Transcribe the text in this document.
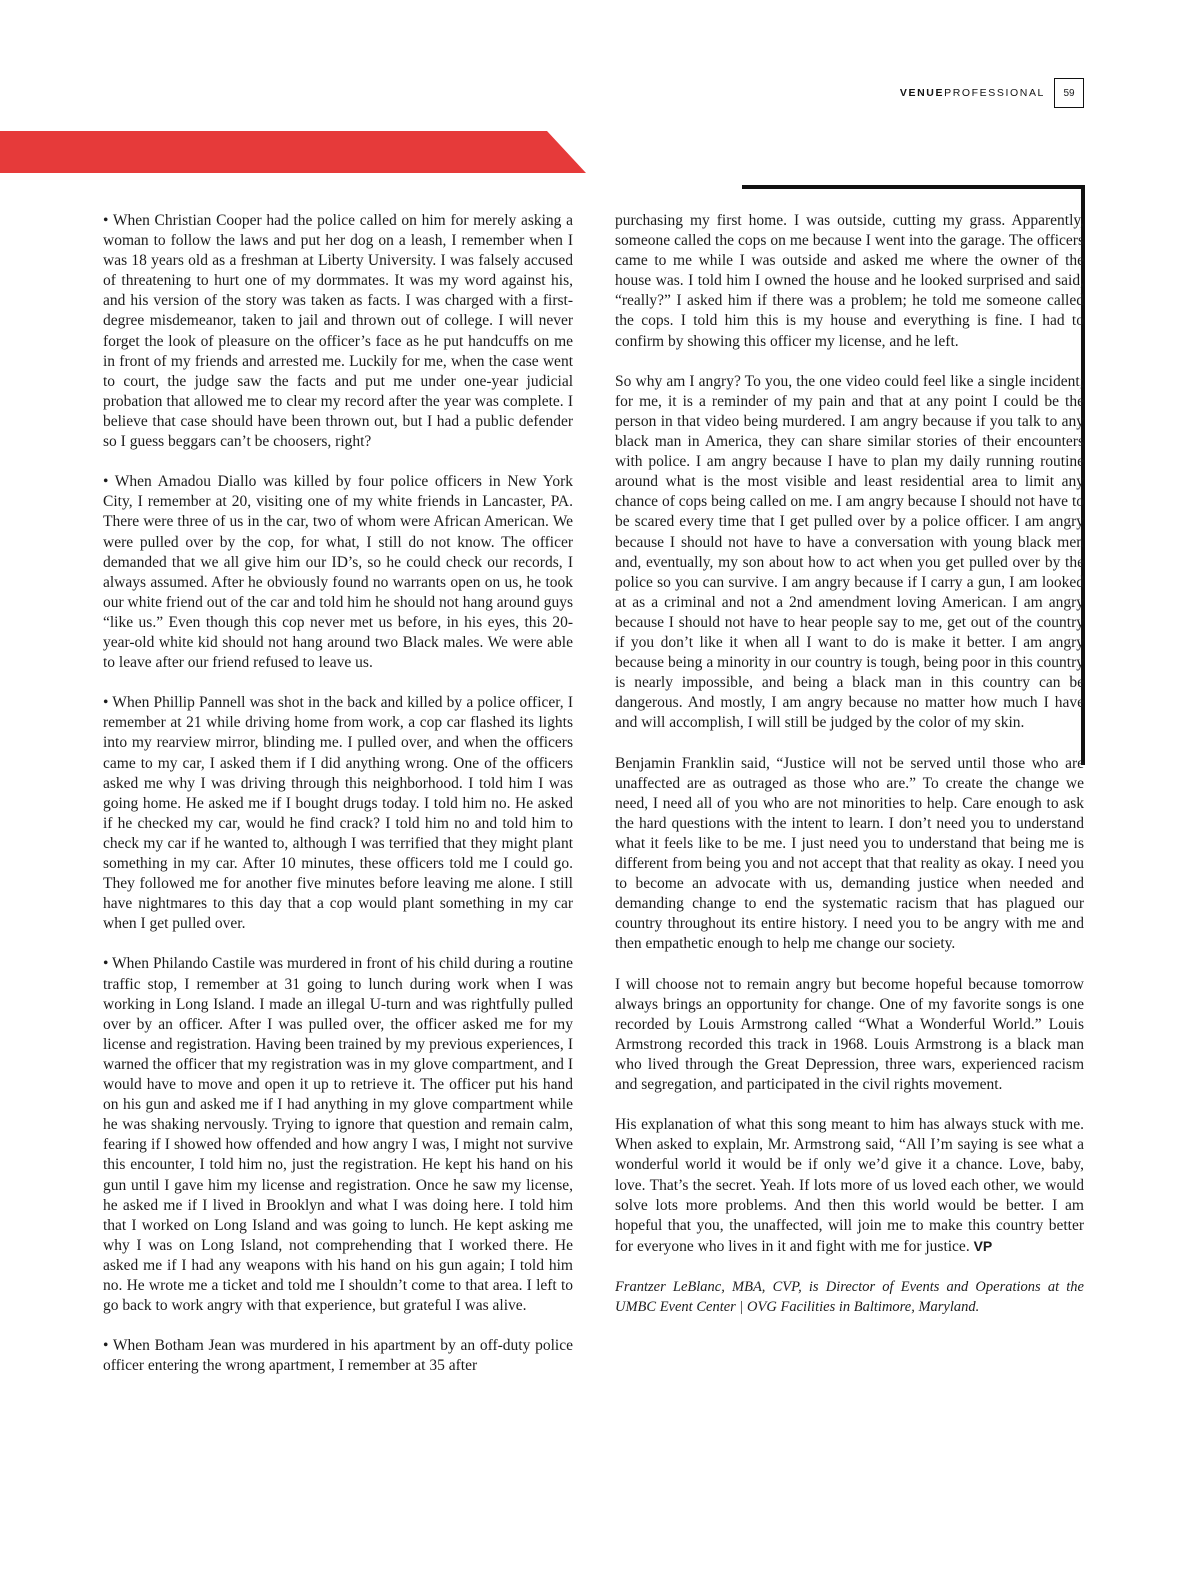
VENUEPROFESSIONAL	59

• When Christian Cooper had the police called on him for merely asking a woman to follow the laws and put her dog on a leash, I remember when I was 18 years old as a freshman at Liberty University. I was falsely accused of threatening to hurt one of my dormmates. It was my word against his, and his version of the story was taken as facts. I was charged with a first-degree misdemeanor, taken to jail and thrown out of college. I will never forget the look of pleasure on the officer’s face as he put handcuffs on me in front of my friends and arrested me. Luckily for me, when the case went to court, the judge saw the facts and put me under one-year judicial probation that allowed me to clear my record after the year was complete. I believe that case should have been thrown out, but I had a public defender so I guess beggars can’t be choosers, right?

• When Amadou Diallo was killed by four police officers in New York City, I remember at 20, visiting one of my white friends in Lancaster, PA. There were three of us in the car, two of whom were African American. We were pulled over by the cop, for what, I still do not know. The officer demanded that we all give him our ID’s, so he could check our records, I always assumed. After he obviously found no warrants open on us, he took our white friend out of the car and told him he should not hang around guys “like us.” Even though this cop never met us before, in his eyes, this 20-year-old white kid should not hang around two Black males. We were able to leave after our friend refused to leave us.

• When Phillip Pannell was shot in the back and killed by a police officer, I remember at 21 while driving home from work, a cop car flashed its lights into my rearview mirror, blinding me. I pulled over, and when the officers came to my car, I asked them if I did anything wrong. One of the officers asked me why I was driving through this neighborhood. I told him I was going home. He asked me if I bought drugs today. I told him no. He asked if he checked my car, would he find crack? I told him no and told him to check my car if he wanted to, although I was terrified that they might plant something in my car. After 10 minutes, these officers told me I could go. They followed me for another five minutes before leaving me alone. I still have nightmares to this day that a cop would plant something in my car when I get pulled over.

• When Philando Castile was murdered in front of his child during a routine traffic stop, I remember at 31 going to lunch during work when I was working in Long Island. I made an illegal U-turn and was rightfully pulled over by an officer. After I was pulled over, the officer asked me for my license and registration. Having been trained by my previous experiences, I warned the officer that my registration was in my glove compartment, and I would have to move and open it up to retrieve it. The officer put his hand on his gun and asked me if I had anything in my glove compartment while he was shaking nervously. Trying to ignore that question and remain calm, fearing if I showed how offended and how angry I was, I might not survive this encounter, I told him no, just the registration. He kept his hand on his gun until I gave him my license and registration. Once he saw my license, he asked me if I lived in Brooklyn and what I was doing here. I told him that I worked on Long Island and was going to lunch. He kept asking me why I was on Long Island, not comprehending that I worked there. He asked me if I had any weapons with his hand on his gun again; I told him no. He wrote me a ticket and told me I shouldn’t come to that area. I left to go back to work angry with that experience, but grateful I was alive.

• When Botham Jean was murdered in his apartment by an off-duty police officer entering the wrong apartment, I remember at 35 after

purchasing my first home. I was outside, cutting my grass. Apparently, someone called the cops on me because I went into the garage. The officers came to me while I was outside and asked me where the owner of the house was. I told him I owned the house and he looked surprised and said, “really?” I asked him if there was a problem; he told me someone called the cops. I told him this is my house and everything is fine. I had to confirm by showing this officer my license, and he left.

So why am I angry? To you, the one video could feel like a single incident; for me, it is a reminder of my pain and that at any point I could be the person in that video being murdered. I am angry because if you talk to any black man in America, they can share similar stories of their encounters with police. I am angry because I have to plan my daily running routine around what is the most visible and least residential area to limit any chance of cops being called on me. I am angry because I should not have to be scared every time that I get pulled over by a police officer. I am angry because I should not have to have a conversation with young black men and, eventually, my son about how to act when you get pulled over by the police so you can survive. I am angry because if I carry a gun, I am looked at as a criminal and not a 2nd amendment loving American. I am angry because I should not have to hear people say to me, get out of the country if you don’t like it when all I want to do is make it better. I am angry because being a minority in our country is tough, being poor in this country is nearly impossible, and being a black man in this country can be dangerous. And mostly, I am angry because no matter how much I have and will accomplish, I will still be judged by the color of my skin.

Benjamin Franklin said, “Justice will not be served until those who are unaffected are as outraged as those who are.” To create the change we need, I need all of you who are not minorities to help. Care enough to ask the hard questions with the intent to learn. I don’t need you to understand what it feels like to be me. I just need you to understand that being me is different from being you and not accept that that reality as okay. I need you to become an advocate with us, demanding justice when needed and demanding change to end the systematic racism that has plagued our country throughout its entire history. I need you to be angry with me and then empathetic enough to help me change our society.

I will choose not to remain angry but become hopeful because tomorrow always brings an opportunity for change. One of my favorite songs is one recorded by Louis Armstrong called “What a Wonderful World.” Louis Armstrong recorded this track in 1968. Louis Armstrong is a black man who lived through the Great Depression, three wars, experienced racism and segregation, and participated in the civil rights movement.

His explanation of what this song meant to him has always stuck with me. When asked to explain, Mr. Armstrong said, “All I’m saying is see what a wonderful world it would be if only we’d give it a chance. Love, baby, love. That’s the secret. Yeah. If lots more of us loved each other, we would solve lots more problems. And then this world would be better. I am hopeful that you, the unaffected, will join me to make this country better for everyone who lives in it and fight with me for justice. VP

Frantzer LeBlanc, MBA, CVP, is Director of Events and Operations at the UMBC Event Center | OVG Facilities in Baltimore, Maryland.
